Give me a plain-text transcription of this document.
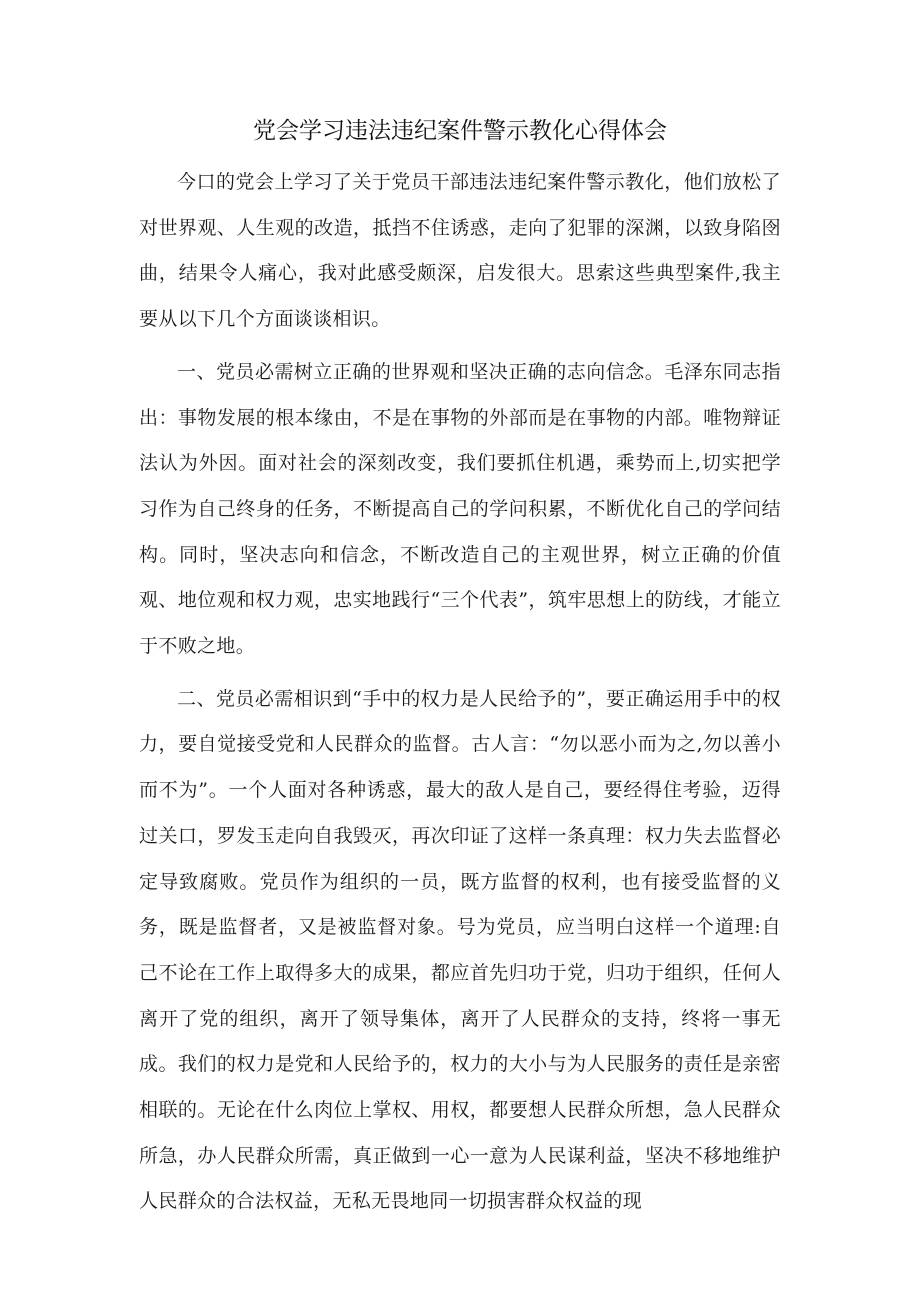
党会学习违法违纪案件警示教化心得体会

今口的党会上学习了关于党员干部违法违纪案件警示教化，他们放松了对世界观、人生观的改造，抵挡不住诱惑，走向了犯罪的深渊，以致身陷囹曲，结果令人痛心，我对此感受颇深，启发很大。思索这些典型案件,我主要从以下几个方面谈谈相识。

一、党员必需树立正确的世界观和坚决正确的志向信念。毛泽东同志指出：事物发展的根本缘由，不是在事物的外部而是在事物的内部。唯物辩证法认为外因。面对社会的深刻改变，我们要抓住机遇，乘势而上,切实把学习作为自己终身的任务，不断提高自己的学问积累，不断优化自己的学问结构。同时，坚决志向和信念，不断改造自己的主观世界，树立正确的价值观、地位观和权力观，忠实地践行“三个代表”，筑牢思想上的防线，才能立于不败之地。

二、党员必需相识到“手中的权力是人民给予的”，要正确运用手中的权力，要自觉接受党和人民群众的监督。古人言：“勿以恶小而为之,勿以善小而不为”。一个人面对各种诱惑，最大的敌人是自己，要经得住考验，迈得过关口，罗发玉走向自我毁灭，再次印证了这样一条真理：权力失去监督必定导致腐败。党员作为组织的一员，既方监督的权利，也有接受监督的义务，既是监督者，又是被监督对象。号为党员，应当明白这样一个道理:自己不论在工作上取得多大的成果，都应首先归功于党，归功于组织，任何人离开了党的组织，离开了领导集体，离开了人民群众的支持，终将一事无成。我们的权力是党和人民给予的，权力的大小与为人民服务的责任是亲密相联的。无论在什么肉位上掌权、用权，都要想人民群众所想，急人民群众所急，办人民群众所需，真正做到一心一意为人民谋利益，坚决不移地维护人民群众的合法权益，无私无畏地同一切损害群众权益的现
